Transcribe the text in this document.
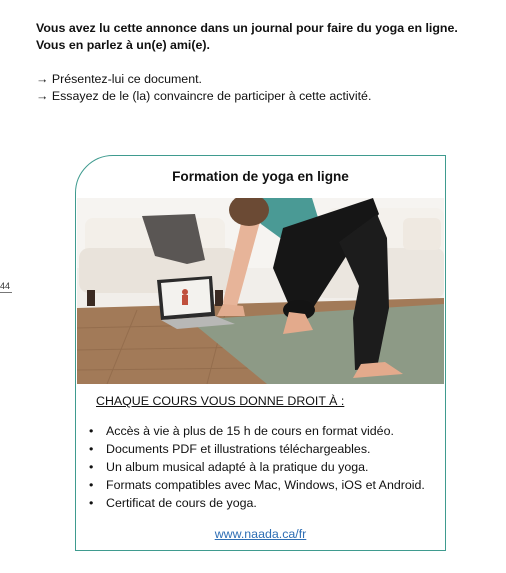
Vous avez lu cette annonce dans un journal pour faire du yoga en ligne.
Vous en parlez à un(e) ami(e).
→ Présentez-lui ce document.
→ Essayez de le (la) convaincre de participer à cette activité.
44
Formation de yoga en ligne
CHAQUE COURS VOUS DONNE DROIT À :
• Accès à vie à plus de 15 h de cours en format vidéo.
• Documents PDF et illustrations téléchargeables.
• Un album musical adapté à la pratique du yoga.
• Formats compatibles avec Mac, Windows, iOS et Android.
• Certificat de cours de yoga.
www.naada.ca/fr
